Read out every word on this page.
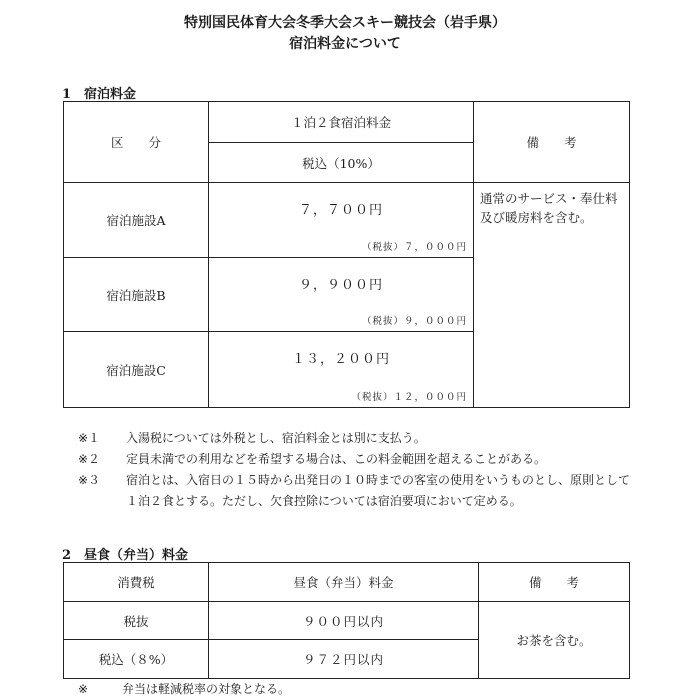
特別国民体育大会冬季大会スキー競技会（岩手県）
宿泊料金について
1 宿泊料金
区　　分	１泊２食宿泊料金	備　　考
	税込（10%）	
宿泊施設A	７，７００円
（税抜）７，０００円	通常のサービス・奉仕料及び暖房料を含む。
宿泊施設B	９，９００円
（税抜）９，０００円	

宿泊施設C	１３，２００円
（税抜）１２，０００円	
※１ 入湯税については外税とし、宿泊料金とは別に支払う。
※２ 定員未満での利用などを希望する場合は、この料金範囲を超えることがある。
※３ 宿泊とは、入宿日の１５時から出発日の１０時までの客室の使用をいうものとし、原則として１泊２食とする。ただし、欠食控除については宿泊要項において定める。
2 昼食（弁当）料金
消費税	昼食（弁当）料金	備　　考
税抜	９００円以内	お茶を含む。
税込（８%）	９７２円以内	
※	弁当は軽減税率の対象となる。
